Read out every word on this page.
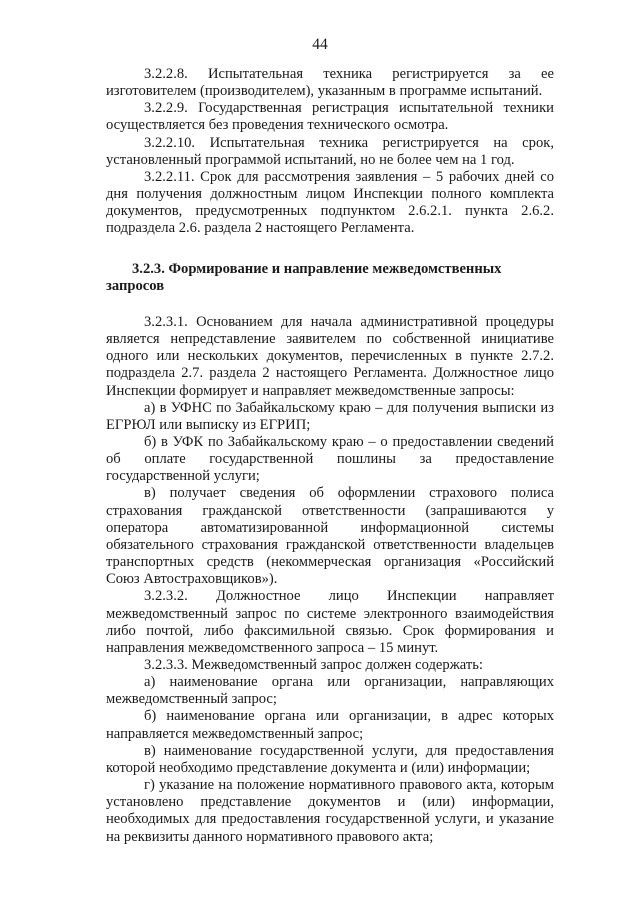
44

3.2.2.8. Испытательная техника регистрируется за ее изготовителем (производителем), указанным в программе испытаний.

3.2.2.9. Государственная регистрация испытательной техники осуществляется без проведения технического осмотра.

3.2.2.10. Испытательная техника регистрируется на срок, установленный программой испытаний, но не более чем на 1 год.

3.2.2.11. Срок для рассмотрения заявления – 5 рабочих дней со дня получения должностным лицом Инспекции полного комплекта документов, предусмотренных подпунктом 2.6.2.1. пункта 2.6.2. подраздела 2.6. раздела 2 настоящего Регламента.

3.2.3. Формирование и направление межведомственных запросов

3.2.3.1. Основанием для начала административной процедуры является непредставление заявителем по собственной инициативе одного или нескольких документов, перечисленных в пункте 2.7.2. подраздела 2.7. раздела 2 настоящего Регламента. Должностное лицо Инспекции формирует и направляет межведомственные запросы:

а) в УФНС по Забайкальскому краю – для получения выписки из ЕГРЮЛ или выписку из ЕГРИП;

б) в УФК по Забайкальскому краю – о предоставлении сведений об оплате государственной пошлины за предоставление государственной услуги;

в) получает сведения об оформлении страхового полиса страхования гражданской ответственности (запрашиваются у оператора автоматизированной информационной системы обязательного страхования гражданской ответственности владельцев транспортных средств (некоммерческая организация «Российский Союз Автостраховщиков»).

3.2.3.2. Должностное лицо Инспекции направляет межведомственный запрос по системе электронного взаимодействия либо почтой, либо факсимильной связью. Срок формирования и направления межведомственного запроса – 15 минут.

3.2.3.3. Межведомственный запрос должен содержать:

а) наименование органа или организации, направляющих межведомственный запрос;

б) наименование органа или организации, в адрес которых направляется межведомственный запрос;

в) наименование государственной услуги, для предоставления которой необходимо представление документа и (или) информации;

г) указание на положение нормативного правового акта, которым установлено представление документов и (или) информации, необходимых для предоставления государственной услуги, и указание на реквизиты данного нормативного правового акта;
